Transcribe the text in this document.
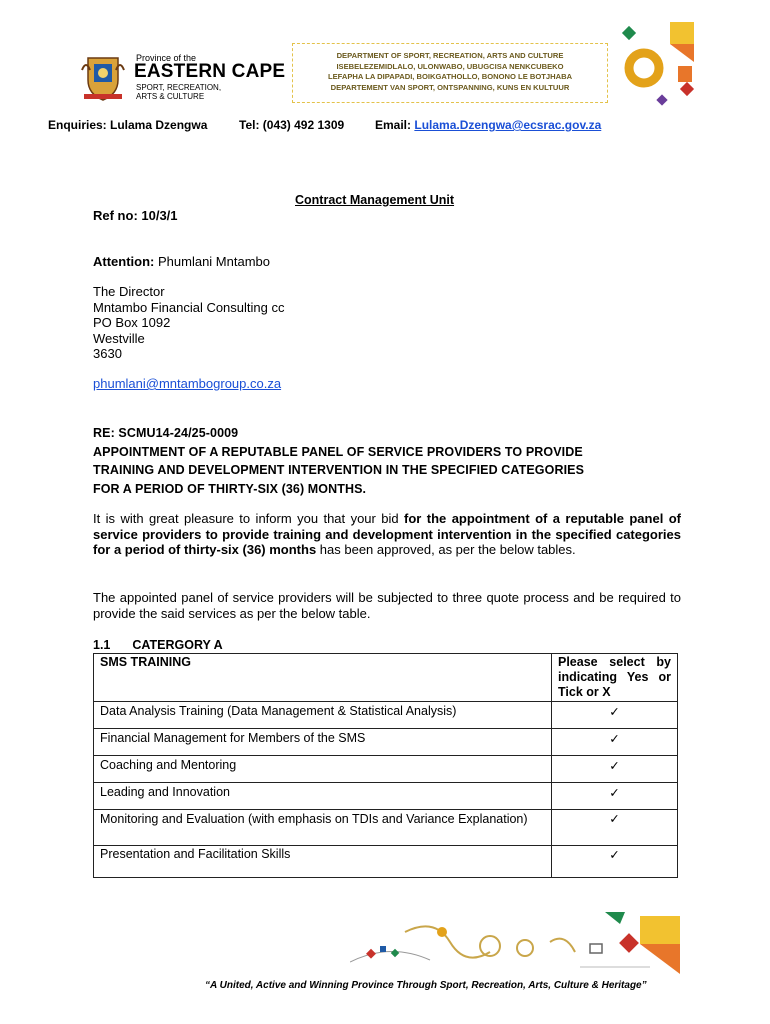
Province of the
EASTERN CAPE
SPORT, RECREATION,
ARTS & CULTURE
DEPARTMENT OF SPORT, RECREATION, ARTS AND CULTURE
ISEBELEZEMIDLALO, ULONWABO, UBUGCISA NENKCUBEKO
LEFAPHA LA DIPAPADI, BOIKGATHOLLO, BONONO LE BOTJHABA
DEPARTEMENT VAN SPORT, ONTSPANNING, KUNS EN KULTUUR
Enquiries: Lulama Dzengwa	Tel: (043) 492 1309	Email: Lulama.Dzengwa@ecsrac.gov.za
Contract Management Unit
Ref no: 10/3/1
Attention: Phumlani Mntambo
The Director
Mntambo Financial Consulting cc
PO Box 1092
Westville
3630
phumlani@mntambogroup.co.za
RE: SCMU14-24/25-0009
APPOINTMENT OF A REPUTABLE PANEL OF SERVICE PROVIDERS TO PROVIDE
TRAINING AND DEVELOPMENT INTERVENTION IN THE SPECIFIED CATEGORIES
FOR A PERIOD OF THIRTY-SIX (36) MONTHS.
It is with great pleasure to inform you that your bid for the appointment of a reputable panel of service providers to provide training and development intervention in the specified categories for a period of thirty-six (36) months has been approved, as per the below tables.
The appointed panel of service providers will be subjected to three quote process and be required to provide the said services as per the below table.
1.1 CATERGORY A
SMS TRAINING	Please select by indicating Yes or Tick or X
Data Analysis Training (Data Management & Statistical Analysis)	✓
Financial Management for Members of the SMS	✓
Coaching and Mentoring	✓
Leading and Innovation	✓
Monitoring and Evaluation (with emphasis on TDIs and Variance Explanation)	✓
Presentation and Facilitation Skills	✓
“A United, Active and Winning Province Through Sport, Recreation, Arts, Culture & Heritage”
